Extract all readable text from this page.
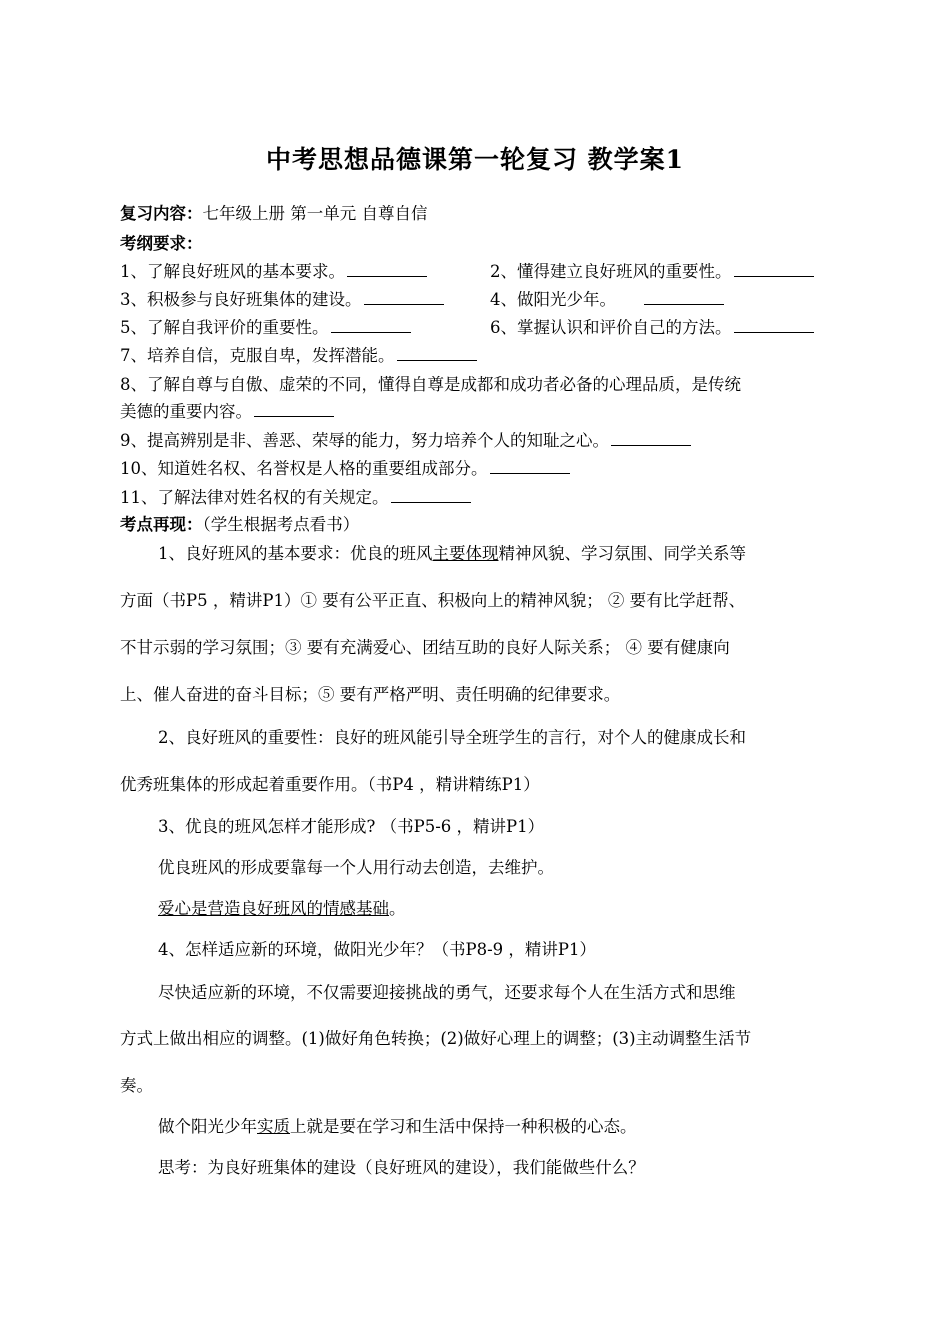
中考思想品德课第一轮复习 教学案1
复习内容：七年级上册 第一单元 自尊自信
考纲要求：
1、了解良好班风的基本要求。	2、懂得建立良好班风的重要性。
3、积极参与良好班集体的建设。	4、做阳光少年。
5、了解自我评价的重要性。	6、掌握认识和评价自己的方法。
7、培养自信，克服自卑，发挥潜能。
8、了解自尊与自傲、虚荣的不同，懂得自尊是成都和成功者必备的心理品质，是传统
美德的重要内容。
9、提高辨别是非、善恶、荣辱的能力，努力培养个人的知耻之心。
10、知道姓名权、名誉权是人格的重要组成部分。
11、了解法律对姓名权的有关规定。
考点再现：（学生根据考点看书）
1、良好班风的基本要求：优良的班风主要体现精神风貌、学习氛围、同学关系等
方面（书P5 ，精讲P1）① 要有公平正直、积极向上的精神风貌； ② 要有比学赶帮、
不甘示弱的学习氛围；③ 要有充满爱心、团结互助的良好人际关系； ④ 要有健康向
上、催人奋进的奋斗目标；⑤ 要有严格严明、责任明确的纪律要求。
2、良好班风的重要性：良好的班风能引导全班学生的言行，对个人的健康成长和
优秀班集体的形成起着重要作用。（书P4 ，精讲精练P1）
3、优良的班风怎样才能形成? （书P5-6 ，精讲P1）
优良班风的形成要靠每一个人用行动去创造，去维护。
爱心是营造良好班风的情感基础。
4、怎样适应新的环境，做阳光少年？（书P8-9 ，精讲P1）
尽快适应新的环境，不仅需要迎接挑战的勇气，还要求每个人在生活方式和思维
方式上做出相应的调整。(1)做好角色转换；(2)做好心理上的调整；(3)主动调整生活节
奏。
做个阳光少年实质上就是要在学习和生活中保持一种积极的心态。
思考：为良好班集体的建设（良好班风的建设），我们能做些什么？
